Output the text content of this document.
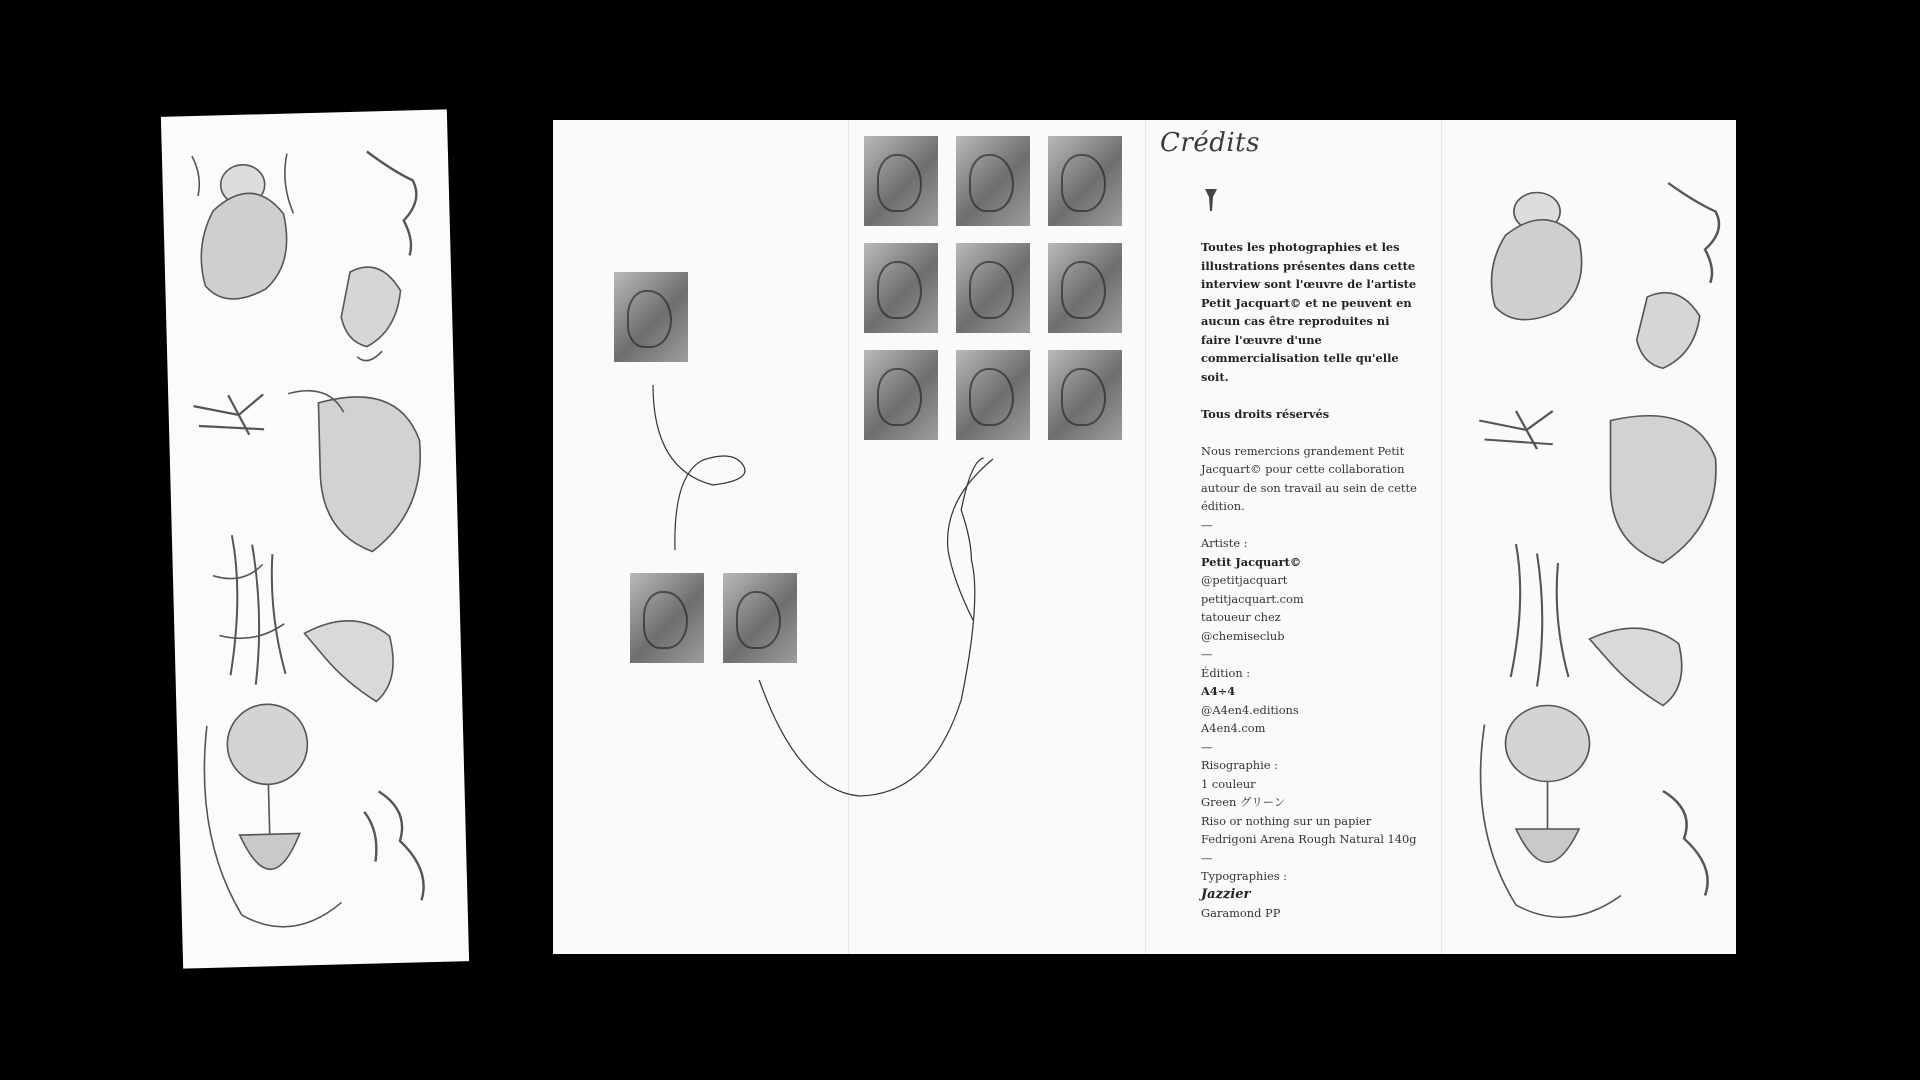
Crédits

Toutes les photographies et les illustrations présentes dans cette interview sont l'œuvre de l'artiste Petit Jacquart© et ne peuvent en aucun cas être reproduites ni faire l'œuvre d'une commercialisation telle qu'elle soit.

Tous droits réservés

Nous remercions grandement Petit Jacquart© pour cette collaboration autour de son travail au sein de cette édition.

—

Artiste :

Petit Jacquart©

@petitjacquart

petitjacquart.com

tatoueur chez

@chemiseclub

—

Édition :

A4÷4

@A4en4.editions

A4en4.com

—

Risographie :

1 couleur

Green グリーン

Riso or nothing sur un papier

Fedrigoni Arena Rough Natural 140g

—

Typographies :

Jazzier

Garamond PP
